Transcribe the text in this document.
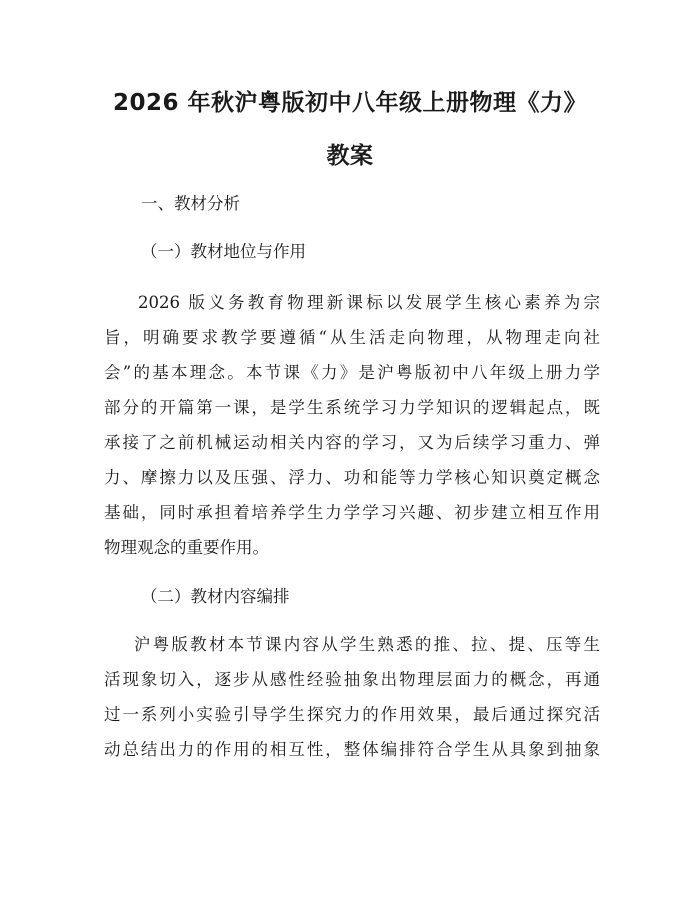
2026 年秋沪粤版初中八年级上册物理《力》
教案
一、教材分析
（一）教材地位与作用
2026 版义务教育物理新课标以发展学生核心素养为宗
旨，明确要求教学要遵循“从生活走向物理，从物理走向社
会”的基本理念。本节课《力》是沪粤版初中八年级上册力学
部分的开篇第一课，是学生系统学习力学知识的逻辑起点，既
承接了之前机械运动相关内容的学习，又为后续学习重力、弹
力、摩擦力以及压强、浮力、功和能等力学核心知识奠定概念
基础，同时承担着培养学生力学学习兴趣、初步建立相互作用
物理观念的重要作用。
（二）教材内容编排
沪粤版教材本节课内容从学生熟悉的推、拉、提、压等生
活现象切入，逐步从感性经验抽象出物理层面力的概念，再通
过一系列小实验引导学生探究力的作用效果，最后通过探究活
动总结出力的作用的相互性，整体编排符合学生从具象到抽象
